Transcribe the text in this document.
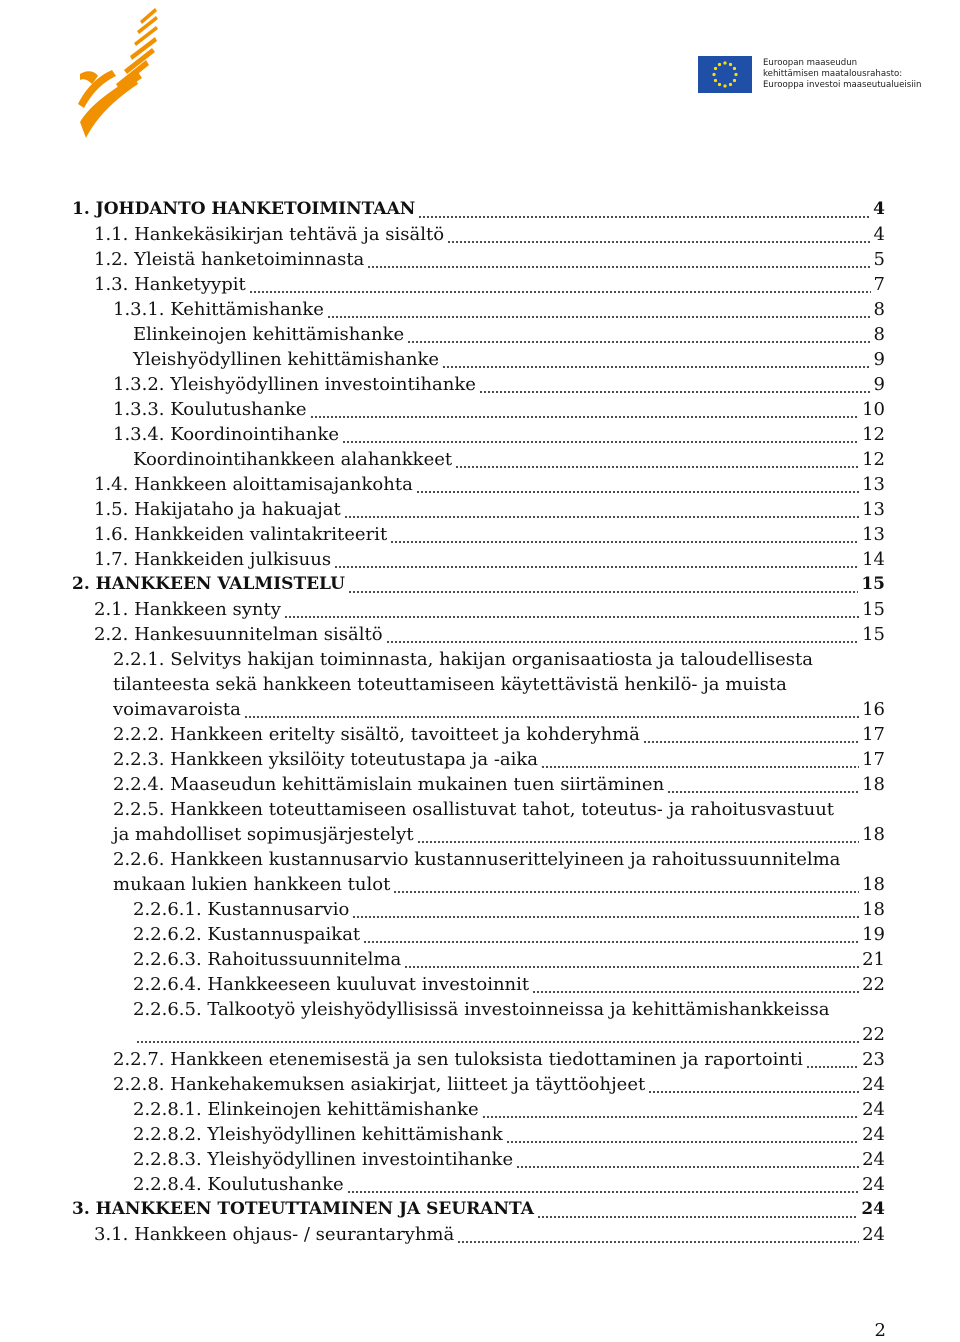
Euroopan maaseudun
kehittämisen maatalousrahasto:
Eurooppa investoi maaseutualueisiin
1. JOHDANTO HANKETOIMINTAAN	4
1.1. Hankekäsikirjan tehtävä ja sisältö	4
1.2. Yleistä hanketoiminnasta	5
1.3. Hanketyypit	7
1.3.1. Kehittämishanke	8
Elinkeinojen kehittämishanke	8
Yleishyödyllinen kehittämishanke	9
1.3.2. Yleishyödyllinen investointihanke	9
1.3.3. Koulutushanke	10
1.3.4. Koordinointihanke	12
Koordinointihankkeen alahankkeet	12
1.4. Hankkeen aloittamisajankohta	13
1.5. Hakijataho ja hakuajat	13
1.6. Hankkeiden valintakriteerit	13
1.7. Hankkeiden julkisuus	14
2. HANKKEEN VALMISTELU	15
2.1. Hankkeen synty	15
2.2. Hankesuunnitelman sisältö	15
2.2.1. Selvitys hakijan toiminnasta, hakijan organisaatiosta ja taloudellisesta
tilanteesta sekä hankkeen toteuttamiseen käytettävistä henkilö- ja muista
voimavaroista	16
2.2.2. Hankkeen eritelty sisältö, tavoitteet ja kohderyhmä	17
2.2.3. Hankkeen yksilöity toteutustapa ja -aika	17
2.2.4. Maaseudun kehittämislain mukainen tuen siirtäminen	18
2.2.5. Hankkeen toteuttamiseen osallistuvat tahot, toteutus- ja rahoitusvastuut
ja mahdolliset sopimusjärjestelyt	18
2.2.6. Hankkeen kustannusarvio kustannuserittelyineen ja rahoitussuunnitelma
mukaan lukien hankkeen tulot	18
2.2.6.1. Kustannusarvio	18
2.2.6.2. Kustannuspaikat	19
2.2.6.3. Rahoitussuunnitelma	21
2.2.6.4. Hankkeeseen kuuluvat investoinnit	22
2.2.6.5. Talkootyö yleishyödyllisissä investoinneissa ja kehittämishankkeissa
22
2.2.7. Hankkeen etenemisestä ja sen tuloksista tiedottaminen ja raportointi	23
2.2.8. Hankehakemuksen asiakirjat, liitteet ja täyttöohjeet	24
2.2.8.1. Elinkeinojen kehittämishanke	24
2.2.8.2. Yleishyödyllinen kehittämishank	24
2.2.8.3. Yleishyödyllinen investointihanke	24
2.2.8.4. Koulutushanke	24
3. HANKKEEN TOTEUTTAMINEN JA SEURANTA	24
3.1. Hankkeen ohjaus- / seurantaryhmä	24
2
